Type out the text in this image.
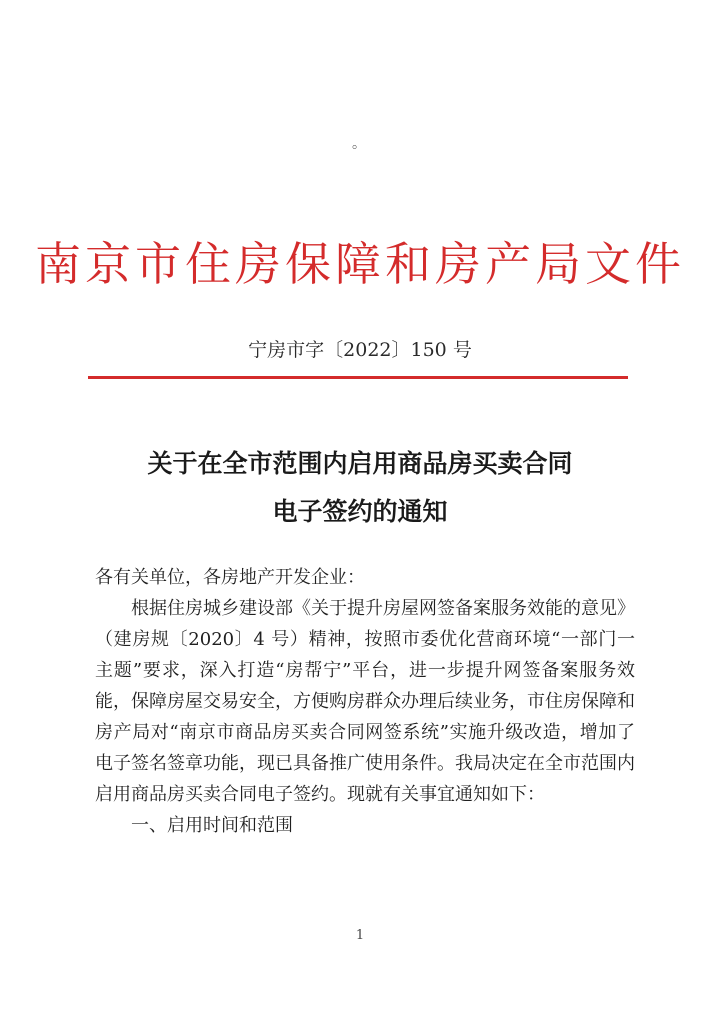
。
南京市住房保障和房产局文件
宁房市字〔2022〕150 号
关于在全市范围内启用商品房买卖合同
电子签约的通知
各有关单位，各房地产开发企业：
根据住房城乡建设部《关于提升房屋网签备案服务效能的意见》（建房规〔2020〕4 号）精神，按照市委优化营商环境“一部门一主题”要求，深入打造“房帮宁”平台，进一步提升网签备案服务效能，保障房屋交易安全，方便购房群众办理后续业务，市住房保障和房产局对“南京市商品房买卖合同网签系统”实施升级改造，增加了电子签名签章功能，现已具备推广使用条件。我局决定在全市范围内启用商品房买卖合同电子签约。现就有关事宜通知如下：
一、启用时间和范围
1
